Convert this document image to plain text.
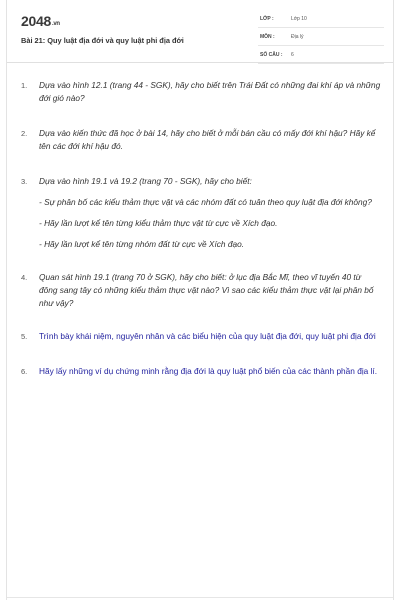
2048.vn
Bài 21: Quy luật địa đới và quy luật phi địa đới
LỚP :	Lớp 10
MÔN :	Địa lý
SỐ CÂU : 6
1. Dựa vào hình 12.1 (trang 44 - SGK), hãy cho biết trên Trái Đất có những đai khí áp và những đới gió nào?
2. Dựa vào kiến thức đã học ở bài 14, hãy cho biết ở mỗi bán cầu có mấy đới khí hậu? Hãy kể tên các đới khí hậu đó.
3. Dựa vào hình 19.1 và 19.2 (trang 70 - SGK), hãy cho biết:
- Sự phân bố các kiểu thảm thực vật và các nhóm đất có tuân theo quy luật địa đới không?
- Hãy lần lượt kể tên từng kiểu thảm thực vật từ cực về Xích đạo.
- Hãy lần lượt kể tên từng nhóm đất từ cực về Xích đạo.
4. Quan sát hình 19.1 (trang 70 ở SGK), hãy cho biết: ở lục địa Bắc Mĩ, theo vĩ tuyến 40 từ đông sang tây có những kiểu thảm thực vật nào? Vì sao các kiểu thảm thực vật lại phân bố như vậy?
5. Trình bày khái niệm, nguyên nhân và các biểu hiện của quy luật địa đới, quy luật phi địa đới
6. Hãy lấy những ví dụ chứng minh rằng địa đới là quy luật phổ biến của các thành phần địa lí.
